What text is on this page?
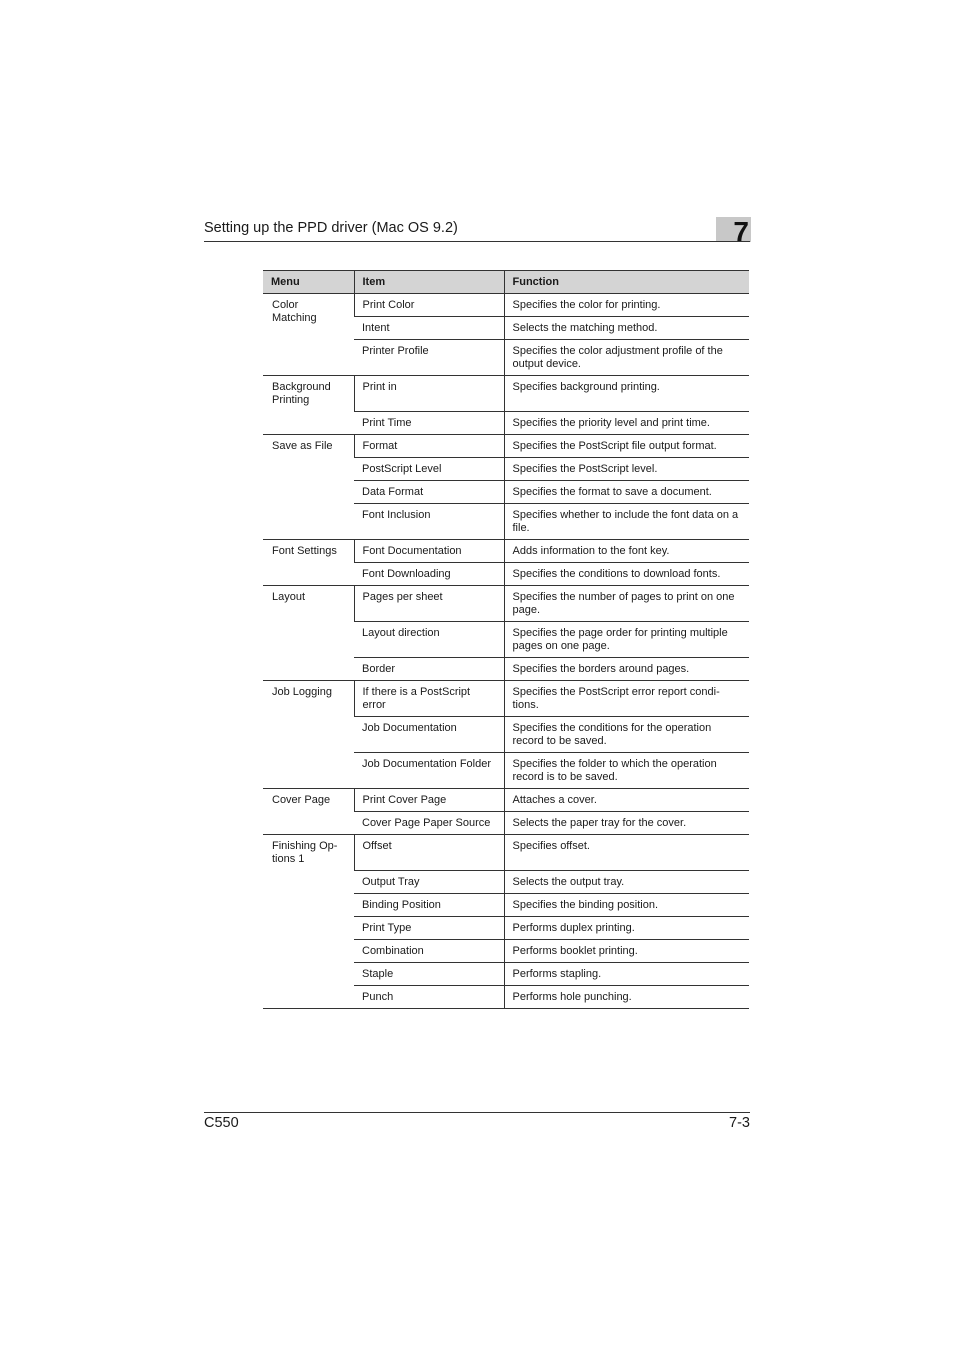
Setting up the PPD driver (Mac OS 9.2)	7
Menu	Item	Function
Color Matching	Print Color	Specifies the color for printing.
	Intent	Selects the matching method.
	Printer Profile	Specifies the color adjustment profile of the output device.
Background Printing	Print in	Specifies background printing.
	Print Time	Specifies the priority level and print time.
Save as File	Format	Specifies the PostScript file output format.
	PostScript Level	Specifies the PostScript level.
	Data Format	Specifies the format to save a document.
	Font Inclusion	Specifies whether to include the font data on a file.
Font Settings	Font Documentation	Adds information to the font key.
	Font Downloading	Specifies the conditions to download fonts.
Layout	Pages per sheet	Specifies the number of pages to print on one page.
	Layout direction	Specifies the page order for printing multiple pages on one page.
	Border	Specifies the borders around pages.
Job Logging	If there is a PostScript error	Specifies the PostScript error report condi-tions.
	Job Documentation	Specifies the conditions for the operation record to be saved.
	Job Documentation Folder	Specifies the folder to which the operation record is to be saved.
Cover Page	Print Cover Page	Attaches a cover.
	Cover Page Paper Source	Selects the paper tray for the cover.
Finishing Op-tions 1	Offset	Specifies offset.
	Output Tray	Selects the output tray.
	Binding Position	Specifies the binding position.
	Print Type	Performs duplex printing.
	Combination	Performs booklet printing.
	Staple	Performs stapling.
	Punch	Performs hole punching.
C550	7-3
